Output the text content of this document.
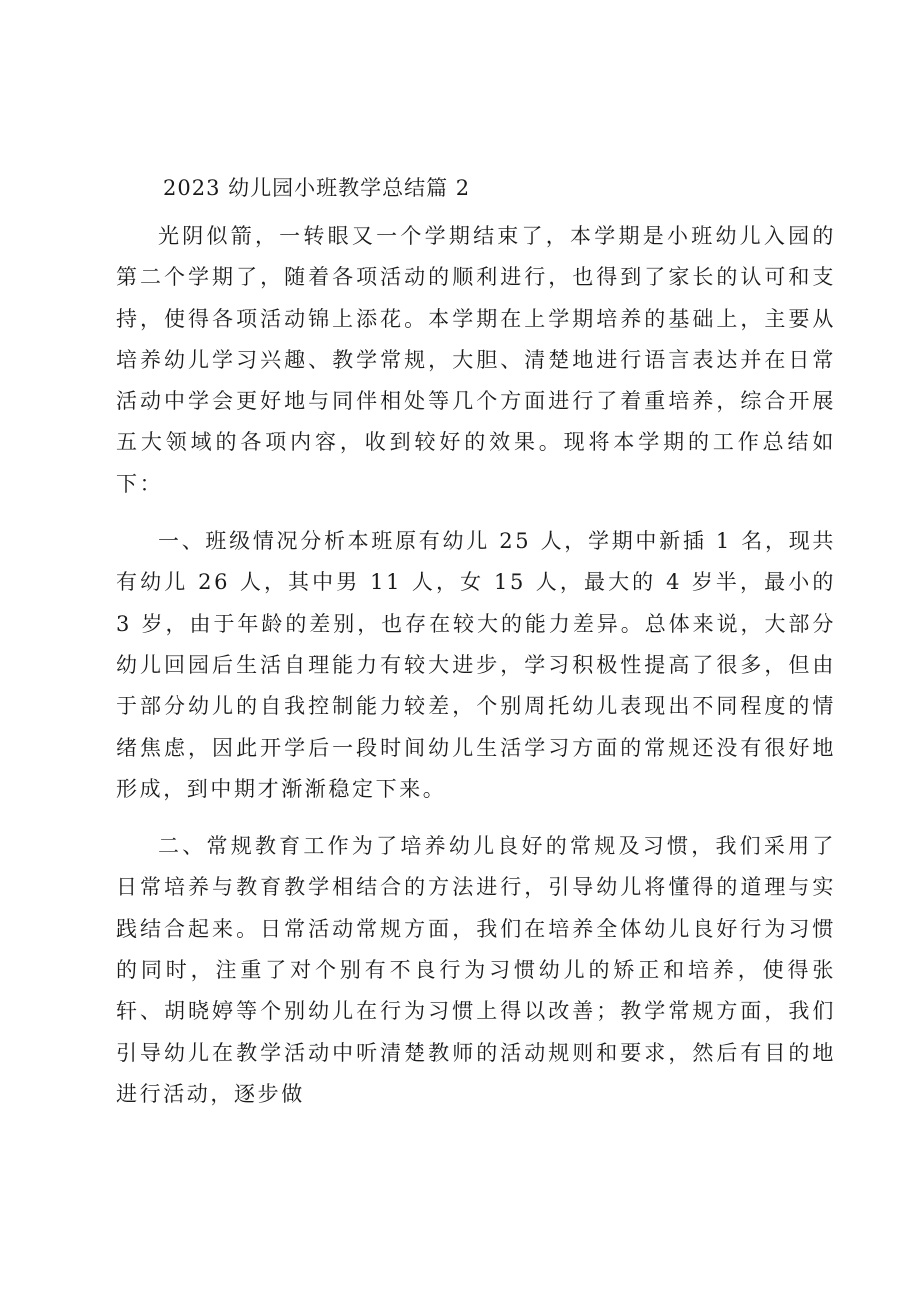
2023 幼儿园小班教学总结篇 2

光阴似箭，一转眼又一个学期结束了，本学期是小班幼儿入园的第二个学期了，随着各项活动的顺利进行，也得到了家长的认可和支持，使得各项活动锦上添花。本学期在上学期培养的基础上，主要从培养幼儿学习兴趣、教学常规，大胆、清楚地进行语言表达并在日常活动中学会更好地与同伴相处等几个方面进行了着重培养，综合开展五大领域的各项内容，收到较好的效果。现将本学期的工作总结如下：

一、班级情况分析本班原有幼儿 25 人，学期中新插 1 名，现共有幼儿 26 人，其中男 11 人，女 15 人，最大的 4 岁半，最小的 3 岁，由于年龄的差别，也存在较大的能力差异。总体来说，大部分幼儿回园后生活自理能力有较大进步，学习积极性提高了很多，但由于部分幼儿的自我控制能力较差，个别周托幼儿表现出不同程度的情绪焦虑，因此开学后一段时间幼儿生活学习方面的常规还没有很好地形成，到中期才渐渐稳定下来。

二、常规教育工作为了培养幼儿良好的常规及习惯，我们采用了日常培养与教育教学相结合的方法进行，引导幼儿将懂得的道理与实践结合起来。日常活动常规方面，我们在培养全体幼儿良好行为习惯的同时，注重了对个别有不良行为习惯幼儿的矫正和培养，使得张轩、胡晓婷等个别幼儿在行为习惯上得以改善；教学常规方面，我们引导幼儿在教学活动中听清楚教师的活动规则和要求，然后有目的地进行活动，逐步做
